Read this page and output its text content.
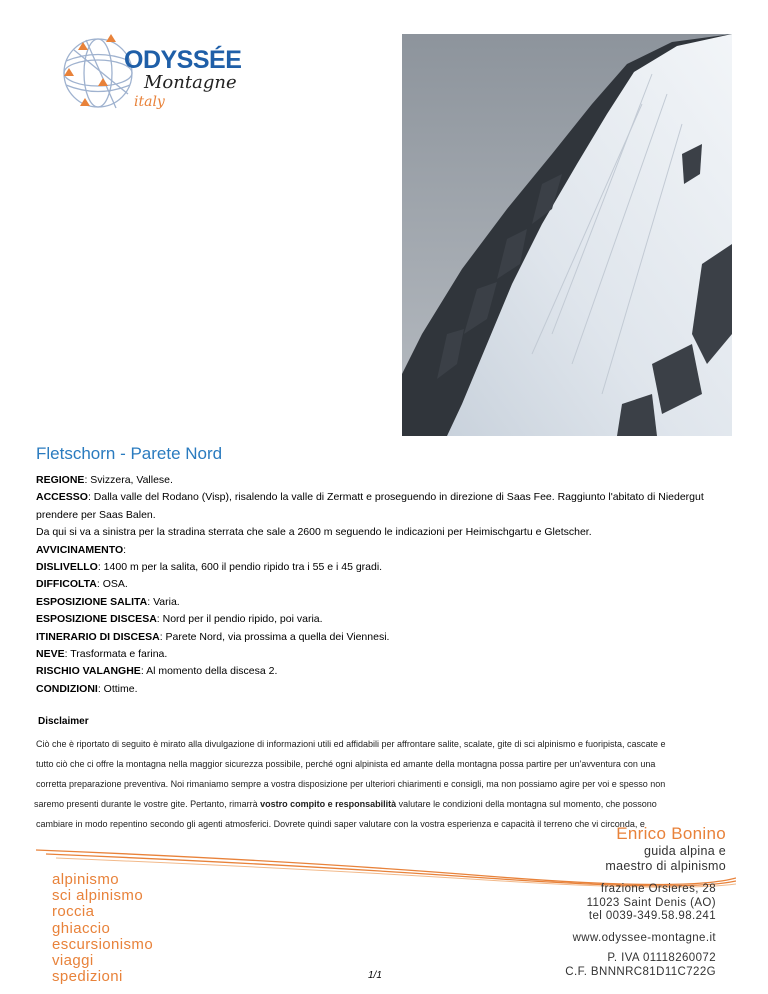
ODYSSÉE
Montagne
italy
Fletschorn - Parete Nord
REGIONE: Svizzera, Vallese.
ACCESSO: Dalla valle del Rodano (Visp), risalendo la valle di Zermatt e proseguendo in direzione di Saas Fee. Raggiunto l'abitato di Niedergut
prendere per Saas Balen.
Da qui si va a sinistra per la stradina sterrata che sale a 2600 m seguendo le indicazioni per Heimischgartu e Gletscher.
AVVICINAMENTO:
DISLIVELLO: 1400 m per la salita, 600 il pendio ripido tra i 55 e i 45 gradi.
DIFFICOLTA: OSA.
ESPOSIZIONE SALITA: Varia.
ESPOSIZIONE DISCESA: Nord per il pendio ripido, poi varia.
ITINERARIO DI DISCESA: Parete Nord, via prossima a quella dei Viennesi.
NEVE: Trasformata e farina.
RISCHIO VALANGHE: Al momento della discesa 2.
CONDIZIONI: Ottime.
Disclaimer
Ciò che è riportato di seguito è mirato alla divulgazione di informazioni utili ed affidabili per affrontare salite, scalate, gite di sci alpinismo e fuoripista, cascate e
tutto ciò che ci offre la montagna nella maggior sicurezza possibile, perché ogni alpinista ed amante della montagna possa partire per un'avventura con una
corretta preparazione preventiva. Noi rimaniamo sempre a vostra disposizione per ulteriori chiarimenti e consigli, ma non possiamo agire per voi e spesso non
saremo presenti durante le vostre gite. Pertanto, rimarrà vostro compito e responsabilità valutare le condizioni della montagna sul momento, che possono
cambiare in modo repentino secondo gli agenti atmosferici. Dovrete quindi saper valutare con la vostra esperienza e capacità il terreno che vi circonda, e
Enrico Bonino
guida alpina e
maestro di alpinismo
alpinismo
sci alpinismo
roccia
ghiaccio
escursionismo
viaggi
spedizioni
frazione Orsieres, 28
11023 Saint Denis (AO)
tel 0039-349.58.98.241
www.odyssee-montagne.it
P. IVA 01118260072
C.F. BNNNRC81D11C722G
1/1
